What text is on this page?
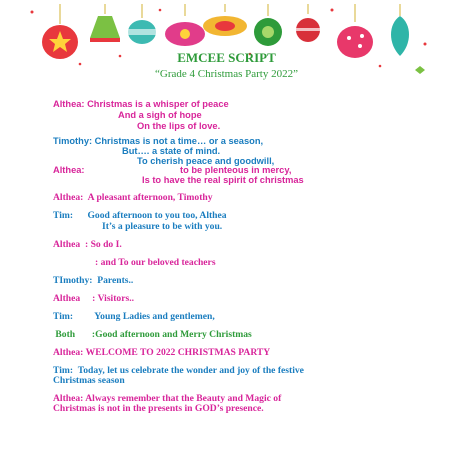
EMCEE SCRIPT
“Grade 4 Christmas Party 2022”
Althea: Christmas is a whisper of peace
And a sigh of hope
On the lips of love.
Timothy: Christmas is not a time… or a season,
But…. a state of mind.
To cherish peace and goodwill,
Althea:	to be plenteous in mercy,
Is to have the real spirit of christmas
Althea:  A pleasant afternoon, Timothy
Tim:      Good afternoon to you too, Althea
It’s a pleasure to be with you.
Althea  : So do I.
: and To our beloved teachers
TImothy:  Parents..
Althea     : Visitors..
Tim:         Young Ladies and gentlemen,
Both       :Good afternoon and Merry Christmas
Althea: WELCOME TO 2022 CHRISTMAS PARTY
Tim:  Today, let us celebrate the wonder and joy of the festive
Christmas season
Althea: Always remember that the Beauty and Magic of
Christmas is not in the presents in GOD’s presence.
